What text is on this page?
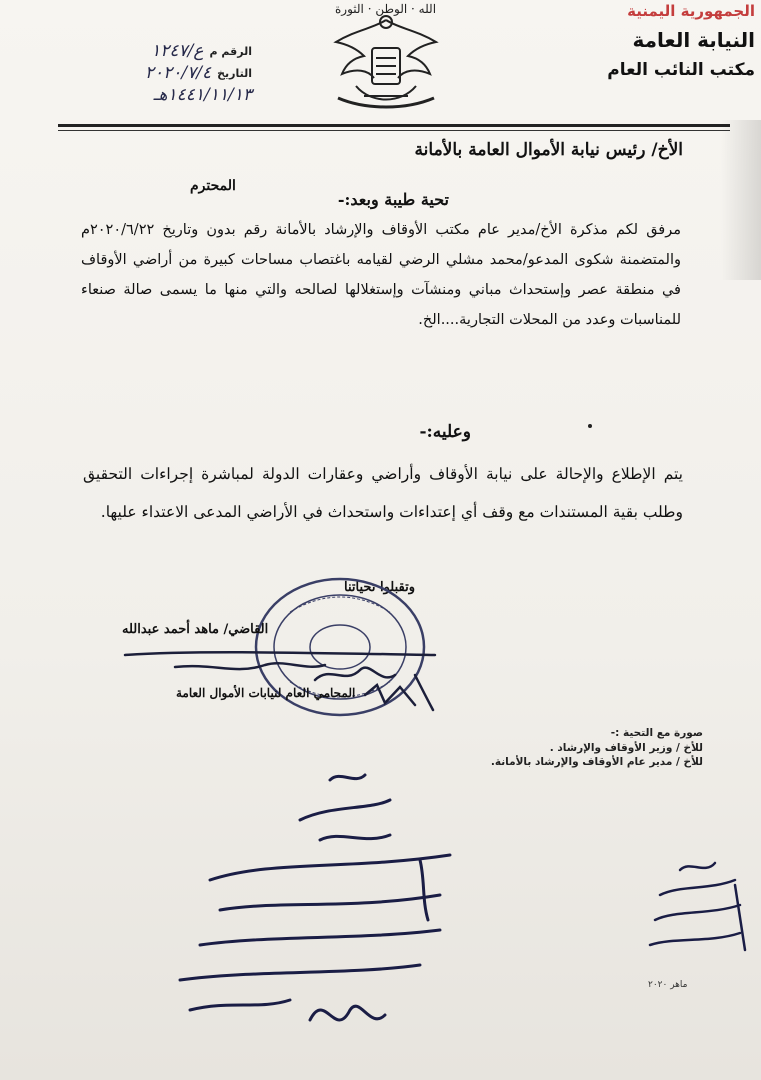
الجمهورية اليمنية
النيابة العامة
مكتب النائب العام
الله · الوطن · الثورة
الرقم م
ع/١٢٤٧
التاريخ
٢٠٢٠/٧/٤
١٤٤١/١١/١٣هـ
الأخ/ رئيس نيابة الأموال العامة بالأمانة
المحترم
تحية طيبة وبعد:-
مرفق لكم مذكرة الأخ/مدير عام مكتب الأوقاف والإرشاد بالأمانة رقم بدون وتاريخ ٢٠٢٠/٦/٢٢م والمتضمنة شكوى المدعو/محمد مشلي الرضي لقيامه باغتصاب مساحات كبيرة من أراضي الأوقاف في منطقة عصر وإستحداث مباني ومنشآت وإستغلالها لصالحه والتي منها ما يسمى صالة صنعاء للمناسبات وعدد من المحلات التجارية....الخ.
وعليه:-
يتم الإطلاع والإحالة على نيابة الأوقاف وأراضي وعقارات الدولة لمباشرة إجراءات التحقيق وطلب بقية المستندات مع وقف أي إعتداءات واستحداث في الأراضي المدعى الاعتداء عليها.
وتقبلوا تحياتنا
القاضي/ ماهد أحمد عبدالله
المحامي العام لنيابات الأموال العامة
صورة مع التحية :-
للأخ / وزير الأوقاف والإرشاد .
للأخ / مدير عام الأوقاف والإرشاد بالأمانة.
ماهر ٢٠٢٠
